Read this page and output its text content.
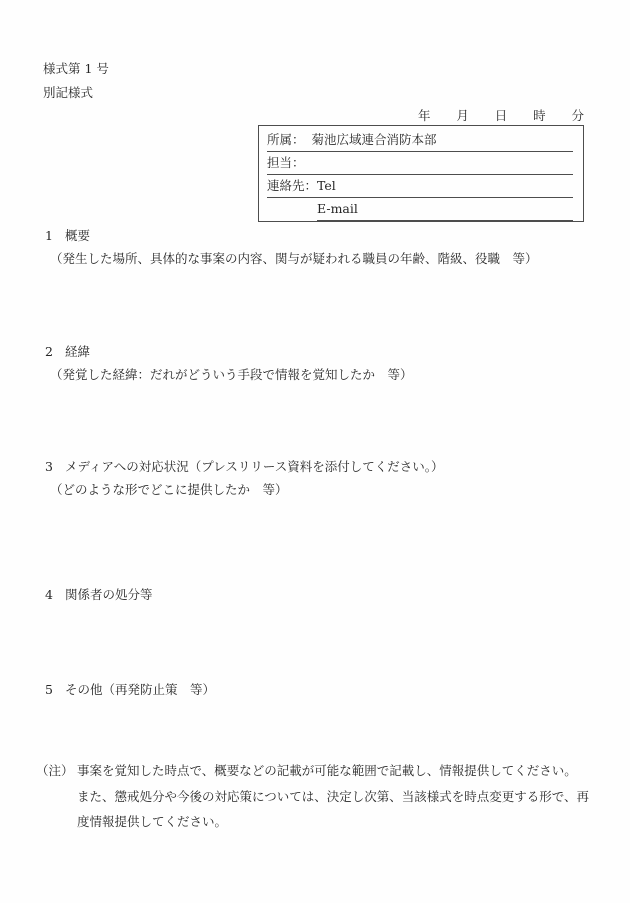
様式第 1 号
別記様式
年 月 日 時 分
所属： 菊池広域連合消防本部
担当：
連絡先：Tel
E-mail
1 概要
（発生した場所、具体的な事案の内容、関与が疑われる職員の年齢、階級、役職　等）
2 経緯
（発覚した経緯：だれがどういう手段で情報を覚知したか　等）
3 メディアへの対応状況（プレスリリース資料を添付してください。）
（どのような形でどこに提供したか　等）
4 関係者の処分等
5 その他（再発防止策　等）
（注） 事案を覚知した時点で、概要などの記載が可能な範囲で記載し、情報提供してください。
また、懲戒処分や今後の対応策については、決定し次第、当該様式を時点変更する形で、再
度情報提供してください。
